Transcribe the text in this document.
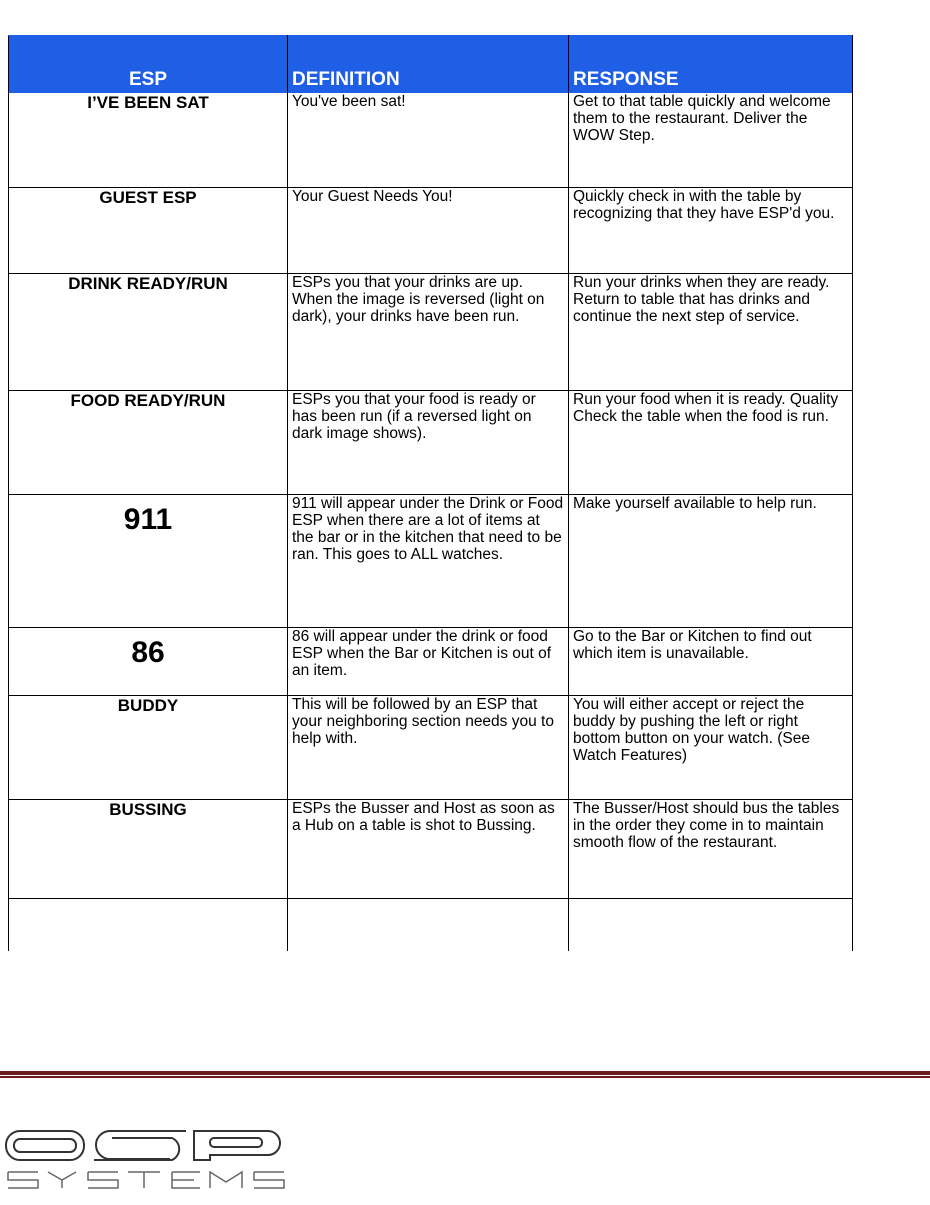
ESP	DEFINITION	RESPONSE
I’VE BEEN SAT	You've been sat!	Get to that table quickly and welcome them to the restaurant. Deliver the WOW Step.
GUEST ESP	Your Guest Needs You!	Quickly check in with the table by recognizing that they have ESP'd you.
DRINK READY/RUN	ESPs you that your drinks are up. When the image is reversed (light on dark), your drinks have been run.	Run your drinks when they are ready. Return to table that has drinks and continue the next step of service.
FOOD READY/RUN	ESPs you that your food is ready or has been run (if a reversed light on dark image shows).	Run your food when it is ready. Quality Check the table when the food is run.
911	911 will appear under the Drink or Food ESP when there are a lot of items at the bar or in the kitchen that need to be ran. This goes to ALL watches.	Make yourself available to help run.
86	86 will appear under the drink or food ESP when the Bar or Kitchen is out of an item.	Go to the Bar or Kitchen to find out which item is unavailable.
BUDDY	This will be followed by an ESP that your neighboring section needs you to help with.	You will either accept or reject the buddy by pushing the left or right bottom button on your watch. (See Watch Features)
BUSSING	ESPs the Busser and Host as soon as a Hub on a table is shot to Bussing.	The Busser/Host should bus the tables in the order they come in to maintain smooth flow of the restaurant.
